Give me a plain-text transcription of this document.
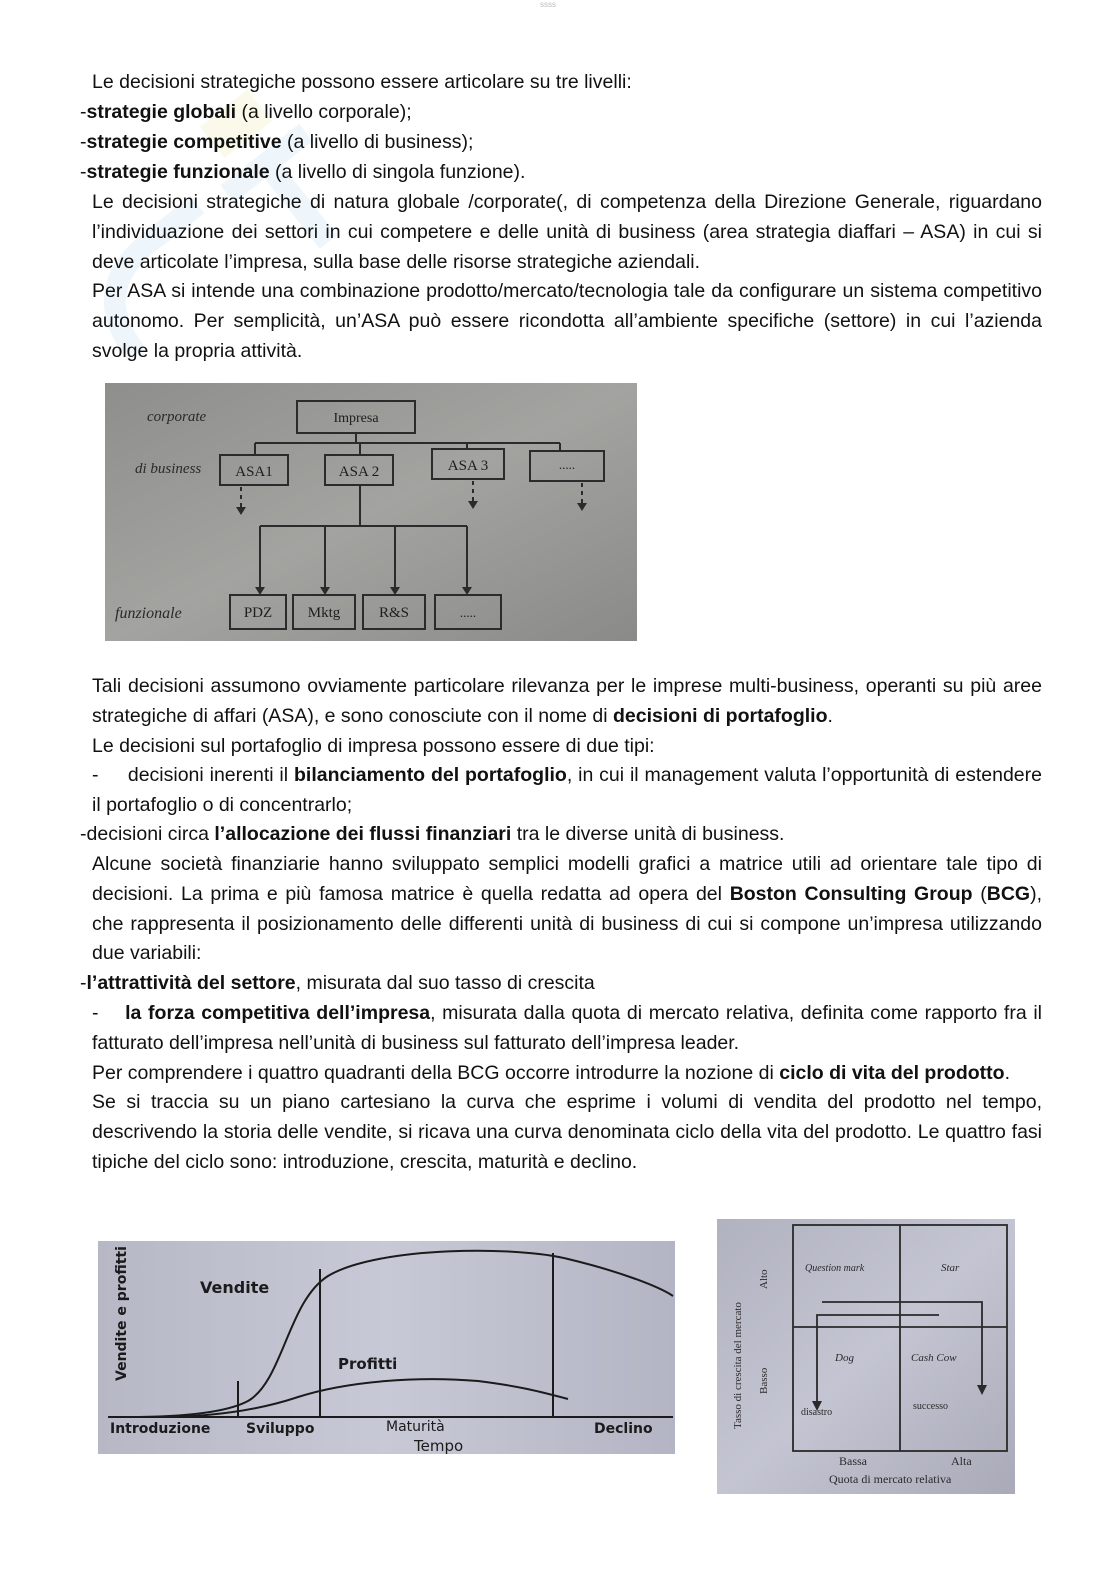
ssss

Le decisioni strategiche possono essere articolare su tre livelli:

-strategie globali (a livello corporale);

-strategie competitive (a livello di business);

-strategie funzionale (a livello di singola funzione).

Le decisioni strategiche di natura globale /corporate(, di competenza della Direzione Generale, riguardano l’individuazione dei settori in cui competere e delle unità di business (area strategia diaffari – ASA) in cui si deve articolate l’impresa, sulla base delle risorse strategiche aziendali.

Per ASA si intende una combinazione prodotto/mercato/tecnologia tale da configurare un sistema competitivo autonomo. Per semplicità, un’ASA può essere ricondotta all’ambiente specifiche (settore) in cui l’azienda svolge la propria attività.

corporate
di business
funzionale
Impresa
ASA1	ASA 2	ASA 3	.....
PDZ Mktg	R&S	.....

Tali decisioni assumono ovviamente particolare rilevanza per le imprese multi-business, operanti su più aree strategiche di affari (ASA), e sono conosciute con il nome di decisioni di portafoglio.

Le decisioni sul portafoglio di impresa possono essere di due tipi:

- decisioni inerenti il bilanciamento del portafoglio, in cui il management valuta l’opportunità di estendere il portafoglio o di concentrarlo;

-decisioni circa l’allocazione dei flussi finanziari tra le diverse unità di business.

Alcune società finanziarie hanno sviluppato semplici modelli grafici a matrice utili ad orientare tale tipo di decisioni. La prima e più famosa matrice è quella redatta ad opera del Boston Consulting Group (BCG), che rappresenta il posizionamento delle differenti unità di business di cui si compone un’impresa utilizzando due variabili:

-l’attrattività del settore, misurata dal suo tasso di crescita

- la forza competitiva dell’impresa, misurata dalla quota di mercato relativa, definita come rapporto fra il fatturato dell’impresa nell’unità di business sul fatturato dell’impresa leader.

Per comprendere i quattro quadranti della BCG occorre introdurre la nozione di ciclo di vita del prodotto.

Se si traccia su un piano cartesiano la curva che esprime i volumi di vendita del prodotto nel tempo, descrivendo la storia delle vendite, si ricava una curva denominata ciclo della vita del prodotto. Le quattro fasi tipiche del ciclo sono: introduzione, crescita, maturità e declino.

Vendite e profitti	Vendite
Profitti
Introduzione	Sviluppo	Maturità	Declino
Tempo
Tasso di crescita del mercato
Alto
Basso
Question mark	Star
Dog	Cash Cow
disastro
successo
Bassa	Alta
Quota di mercato relativa
